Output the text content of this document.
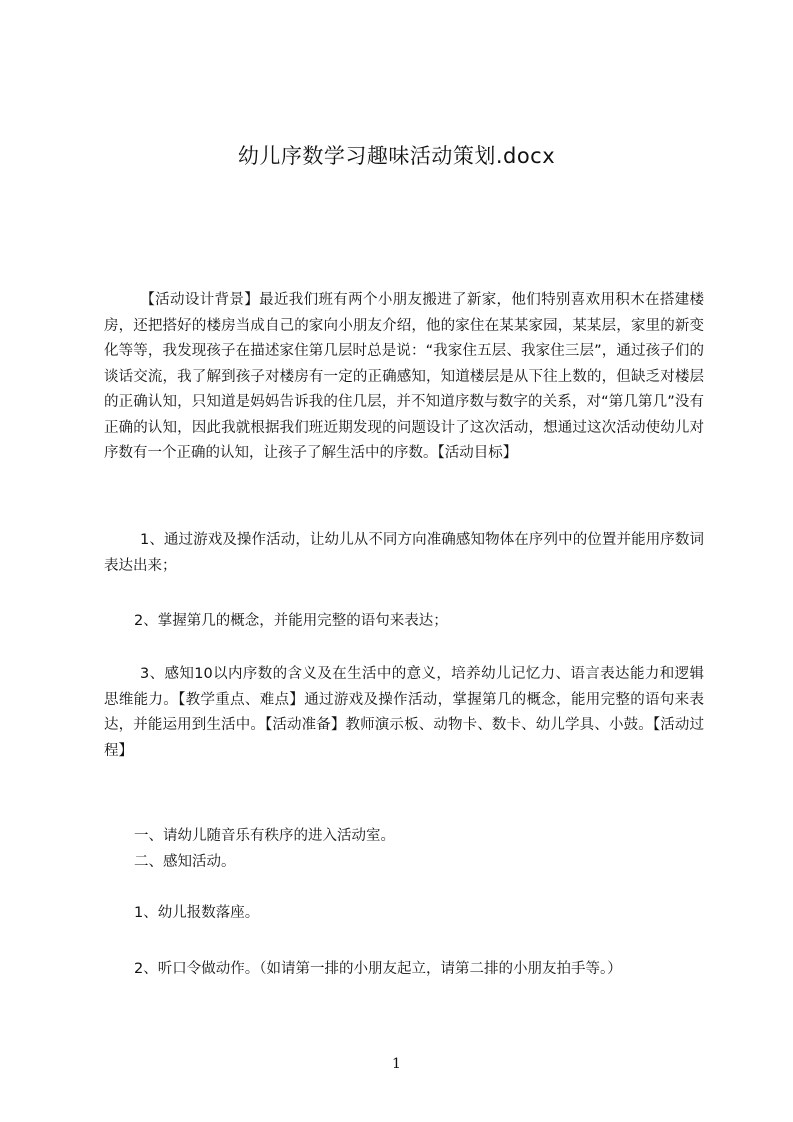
幼儿序数学习趣味活动策划.docx
【活动设计背景】最近我们班有两个小朋友搬进了新家，他们特别喜欢用积木在搭建楼房，还把搭好的楼房当成自己的家向小朋友介绍，他的家住在某某家园，某某层，家里的新变化等等，我发现孩子在描述家住第几层时总是说：“我家住五层、我家住三层”，通过孩子们的谈话交流，我了解到孩子对楼房有一定的正确感知，知道楼层是从下往上数的，但缺乏对楼层的正确认知，只知道是妈妈告诉我的住几层，并不知道序数与数字的关系，对“第几第几”没有正确的认知，因此我就根据我们班近期发现的问题设计了这次活动，想通过这次活动使幼儿对序数有一个正确的认知，让孩子了解生活中的序数。【活动目标】
1、通过游戏及操作活动，让幼儿从不同方向准确感知物体在序列中的位置并能用序数词表达出来；
2、掌握第几的概念，并能用完整的语句来表达；
3、感知10以内序数的含义及在生活中的意义，培养幼儿记忆力、语言表达能力和逻辑思维能力。【教学重点、难点】通过游戏及操作活动，掌握第几的概念，能用完整的语句来表达，并能运用到生活中。【活动准备】教师演示板、动物卡、数卡、幼儿学具、小鼓。【活动过程】
一、请幼儿随音乐有秩序的进入活动室。
二、感知活动。
1、幼儿报数落座。
2、听口令做动作。（如请第一排的小朋友起立，请第二排的小朋友拍手等。）
1
